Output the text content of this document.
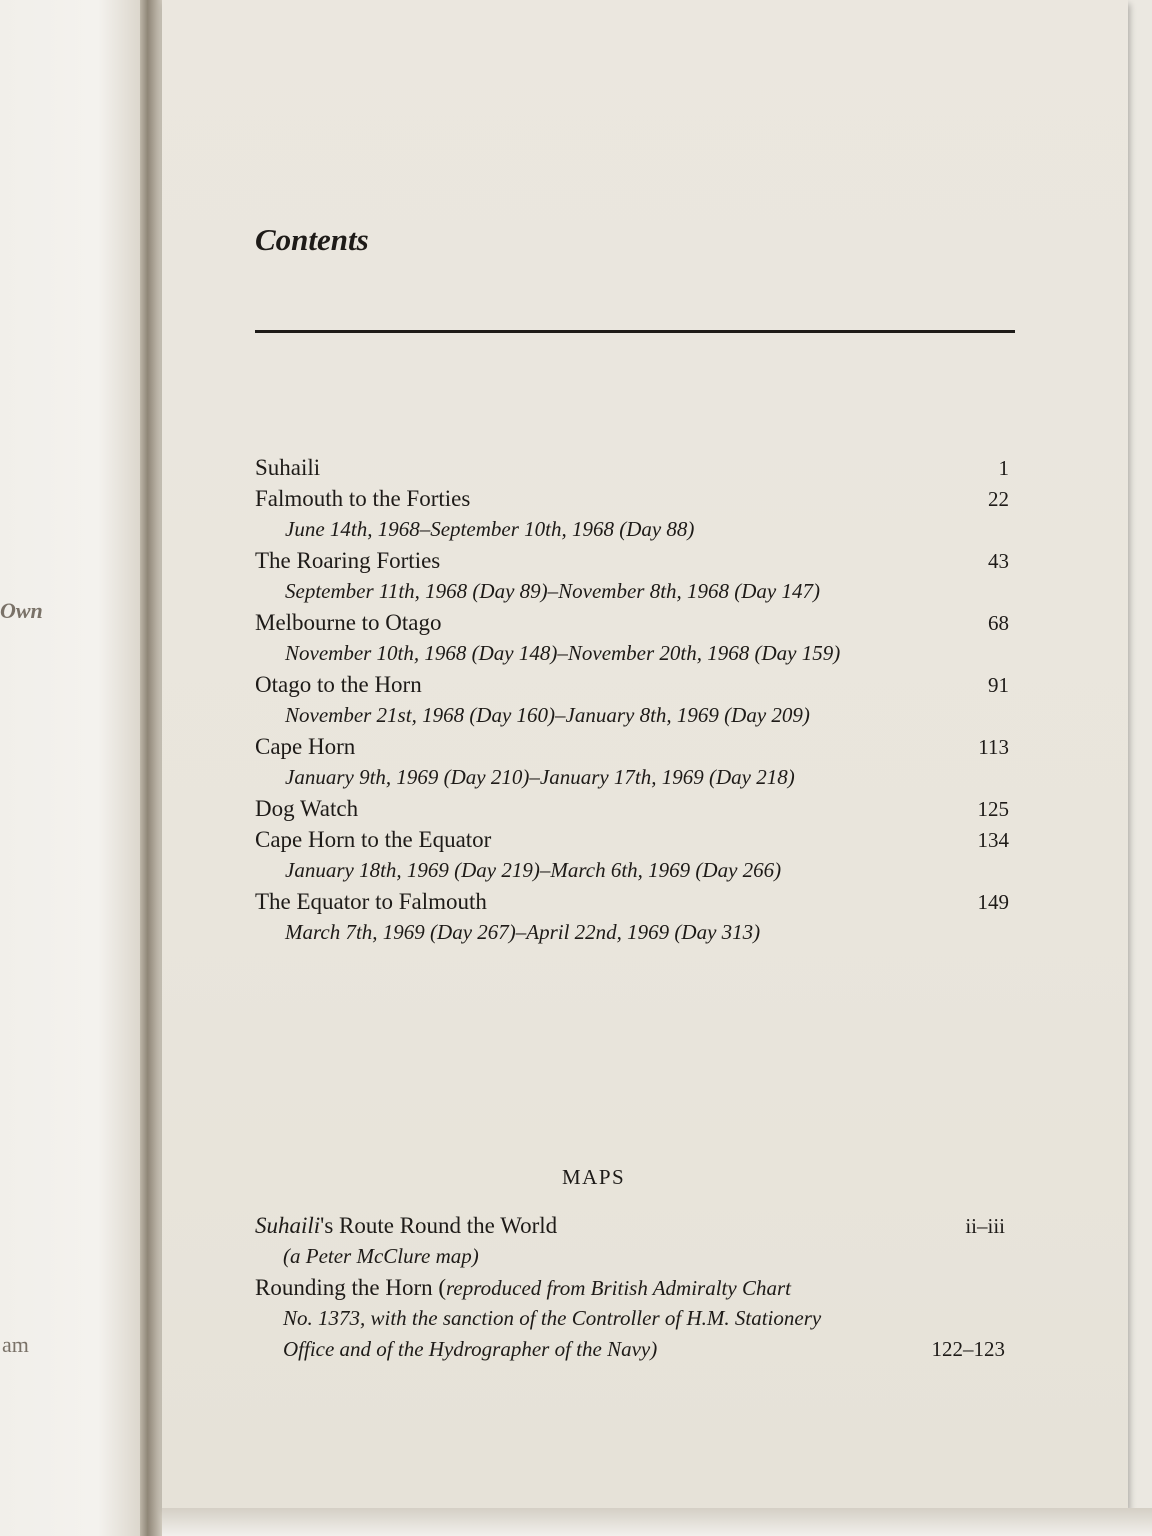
Own
am
Contents
Suhaili	1
Falmouth to the Forties	22
June 14th, 1968–September 10th, 1968 (Day 88)
The Roaring Forties	43
September 11th, 1968 (Day 89)–November 8th, 1968 (Day 147)
Melbourne to Otago	68
November 10th, 1968 (Day 148)–November 20th, 1968 (Day 159)
Otago to the Horn	91
November 21st, 1968 (Day 160)–January 8th, 1969 (Day 209)
Cape Horn	113
January 9th, 1969 (Day 210)–January 17th, 1969 (Day 218)
Dog Watch	125
Cape Horn to the Equator	134
January 18th, 1969 (Day 219)–March 6th, 1969 (Day 266)
The Equator to Falmouth	149
March 7th, 1969 (Day 267)–April 22nd, 1969 (Day 313)
MAPS
Suhaili's Route Round the World	ii–iii
(a Peter McClure map)
Rounding the Horn (reproduced from British Admiralty Chart
No. 1373, with the sanction of the Controller of H.M. Stationery
Office and of the Hydrographer of the Navy)	122–123
